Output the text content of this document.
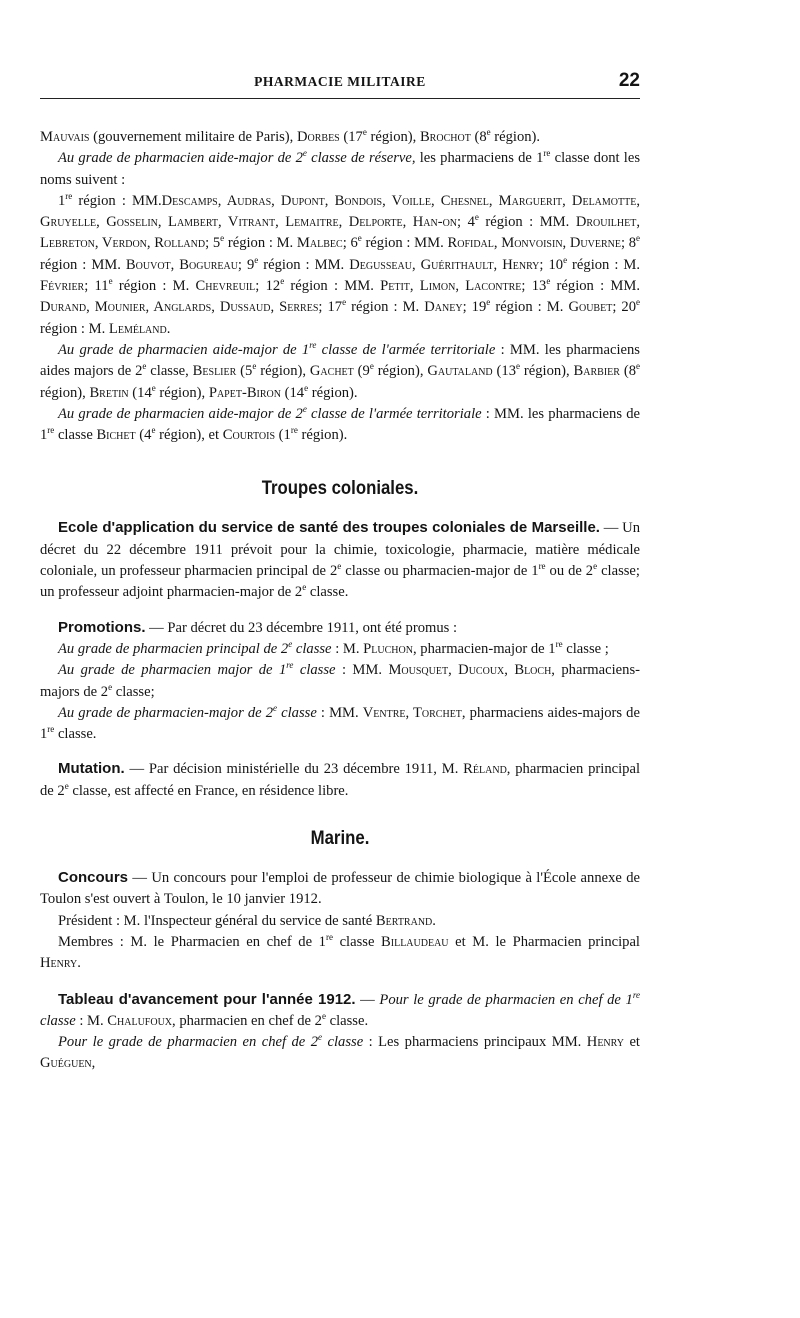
PHARMACIE MILITAIRE	22

Mauvais (gouvernement militaire de Paris), Dorbes (17e région), Brochot (8e région).

Au grade de pharmacien aide-major de 2e classe de réserve, les pharmaciens de 1re classe dont les noms suivent :

1re région : MM.Descamps, Audras, Dupont, Bondois, Voille, Chesnel, Marguerit, Delamotte, Gruyelle, Gosselin, Lambert, Vitrant, Lemaitre, Delporte, Han-on; 4e région : MM. Drouilhet, Lebreton, Verdon, Rolland; 5e région : M. Malbec; 6e région : MM. Rofidal, Monvoisin, Duverne; 8e région : MM. Bouvot, Bogureau; 9e région : MM. Degusseau, Guérithault, Henry; 10e région : M. Février; 11e région : M. Chevreuil; 12e région : MM. Petit, Limon, Lacontre; 13e région : MM. Durand, Mounier, Anglards, Dussaud, Serres; 17e région : M. Daney; 19e région : M. Goubet; 20e région : M. Leméland.

Au grade de pharmacien aide-major de 1re classe de l'armée territoriale : MM. les pharmaciens aides majors de 2e classe, Beslier (5e région), Gachet (9e région), Gautaland (13e région), Barbier (8e région), Bretin (14e région), Papet-Biron (14e région).

Au grade de pharmacien aide-major de 2e classe de l'armée territoriale : MM. les pharmaciens de 1re classe Bichet (4e région), et Courtois (1re région).

Troupes coloniales.

Ecole d'application du service de santé des troupes coloniales de Marseille. — Un décret du 22 décembre 1911 prévoit pour la chimie, toxicologie, pharmacie, matière médicale coloniale, un professeur pharmacien principal de 2e classe ou pharmacien-major de 1re ou de 2e classe; un professeur adjoint pharmacien-major de 2e classe.

Promotions. — Par décret du 23 décembre 1911, ont été promus :

Au grade de pharmacien principal de 2e classe : M. Pluchon, pharmacien-major de 1re classe ;

Au grade de pharmacien major de 1re classe : MM. Mousquet, Ducoux, Bloch, pharmaciens-majors de 2e classe;

Au grade de pharmacien-major de 2e classe : MM. Ventre, Torchet, pharmaciens aides-majors de 1re classe.

Mutation. — Par décision ministérielle du 23 décembre 1911, M. Réland, pharmacien principal de 2e classe, est affecté en France, en résidence libre.

Marine.

Concours — Un concours pour l'emploi de professeur de chimie biologique à l'École annexe de Toulon s'est ouvert à Toulon, le 10 janvier 1912.

Président : M. l'Inspecteur général du service de santé Bertrand.

Membres : M. le Pharmacien en chef de 1re classe Billaudeau et M. le Pharmacien principal Henry.

Tableau d'avancement pour l'année 1912. — Pour le grade de pharmacien en chef de 1re classe : M. Chalufoux, pharmacien en chef de 2e classe.

Pour le grade de pharmacien en chef de 2e classe : Les pharmaciens principaux MM. Henry et Guéguen,
